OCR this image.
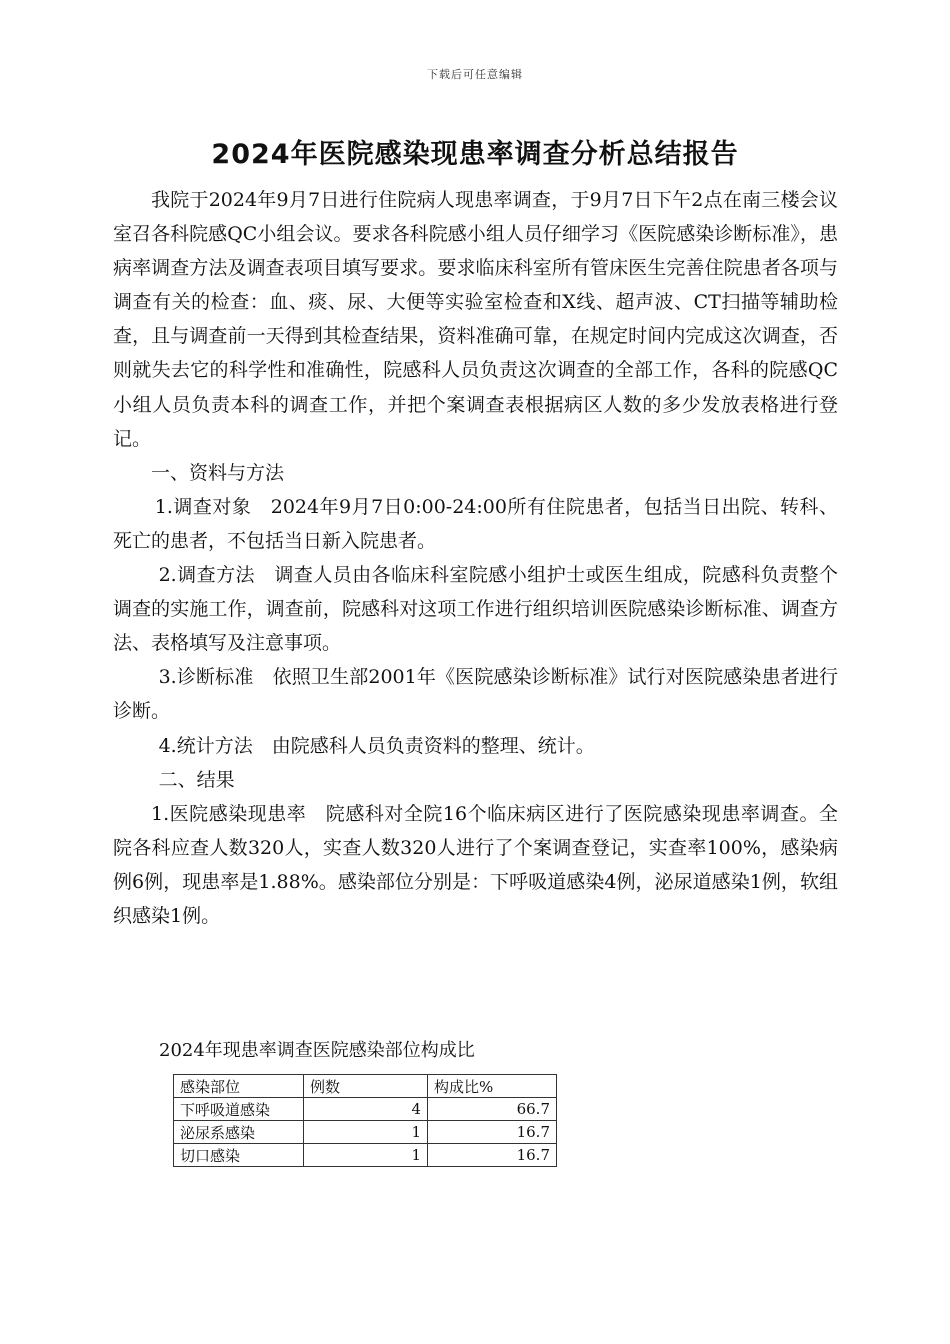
下载后可任意编辑
2024年医院感染现患率调查分析总结报告

我院于2024年9月7日进行住院病人现患率调查，于9月7日下午2点在南三楼会议室召各科院感QC小组会议。要求各科院感小组人员仔细学习《医院感染诊断标准》，患病率调查方法及调查表项目填写要求。要求临床科室所有管床医生完善住院患者各项与调查有关的检查：血、痰、尿、大便等实验室检查和X线、超声波、CT扫描等辅助检查，且与调查前一天得到其检查结果，资料准确可靠，在规定时间内完成这次调查，否则就失去它的科学性和准确性，院感科人员负责这次调查的全部工作，各科的院感QC小组人员负责本科的调查工作，并把个案调查表根据病区人数的多少发放表格进行登记。

一、资料与方法

1.调查对象　2024年9月7日0:00-24:00所有住院患者，包括当日出院、转科、死亡的患者，不包括当日新入院患者。

2.调查方法　调查人员由各临床科室院感小组护士或医生组成，院感科负责整个调查的实施工作，调查前，院感科对这项工作进行组织培训医院感染诊断标准、调查方法、表格填写及注意事项。

3.诊断标准　依照卫生部2001年《医院感染诊断标准》试行对医院感染患者进行诊断。

4.统计方法　由院感科人员负责资料的整理、统计。

二、结果

1.医院感染现患率　院感科对全院16个临床病区进行了医院感染现患率调查。全院各科应查人数320人，实查人数320人进行了个案调查登记，实查率100%，感染病例6例，现患率是1.88%。感染部位分别是：下呼吸道感染4例，泌尿道感染1例，软组织感染1例。

2024年现患率调查医院感染部位构成比
感染部位	例数	构成比%
下呼吸道感染	4	66.7
泌尿系感染	1	16.7
切口感染	1	16.7
